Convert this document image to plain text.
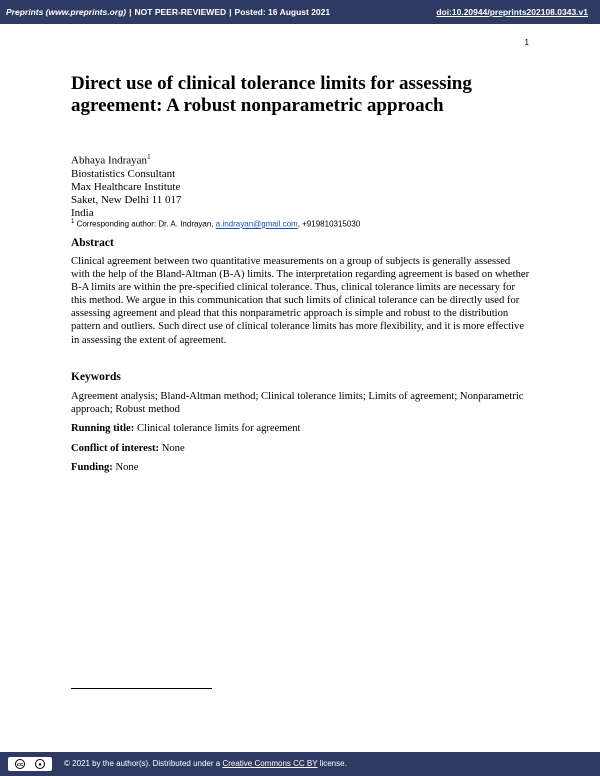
Preprints (www.preprints.org) | NOT PEER-REVIEWED | Posted: 16 August 2021	doi:10.20944/preprints202108.0343.v1
1
Direct use of clinical tolerance limits for assessing agreement: A robust nonparametric approach
Abhaya Indrayan$^1$
Biostatistics Consultant
Max Healthcare Institute
Saket, New Delhi 11 017
India
$^1$ Corresponding author: Dr. A. Indrayan, a.indrayan@gmail.com, +919810315030
Abstract
Clinical agreement between two quantitative measurements on a group of subjects is generally assessed with the help of the Bland-Altman (B-A) limits. The interpretation regarding agreement is based on whether B-A limits are within the pre-specified clinical tolerance. Thus, clinical tolerance limits are necessary for this method. We argue in this communication that such limits of clinical tolerance can be directly used for assessing agreement and plead that this nonparametric approach is simple and robust to the distribution pattern and outliers. Such direct use of clinical tolerance limits has more flexibility, and it is more effective in assessing the extent of agreement.
Keywords
Agreement analysis; Bland-Altman method; Clinical tolerance limits; Limits of agreement; Nonparametric approach; Robust method
Running title: Clinical tolerance limits for agreement
Conflict of interest: None
Funding: None
cc	●	© 2021 by the author(s). Distributed under a Creative Commons CC BY license.
